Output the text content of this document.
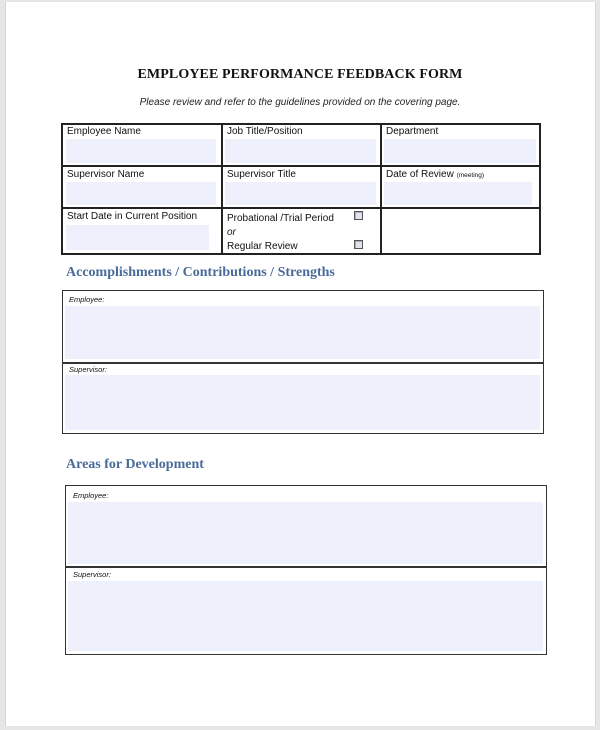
EMPLOYEE PERFORMANCE FEEDBACK FORM
Please review and refer to the guidelines provided on the covering page.
Employee Name	Job Title/Position	Department
Supervisor Name	Supervisor Title	Date of Review (meeting)
Start Date in Current Position	Probational /Trial Period
or
Regular Review
Accomplishments / Contributions / Strengths
Employee:
Supervisor:
Areas for Development
Employee:
Supervisor:
